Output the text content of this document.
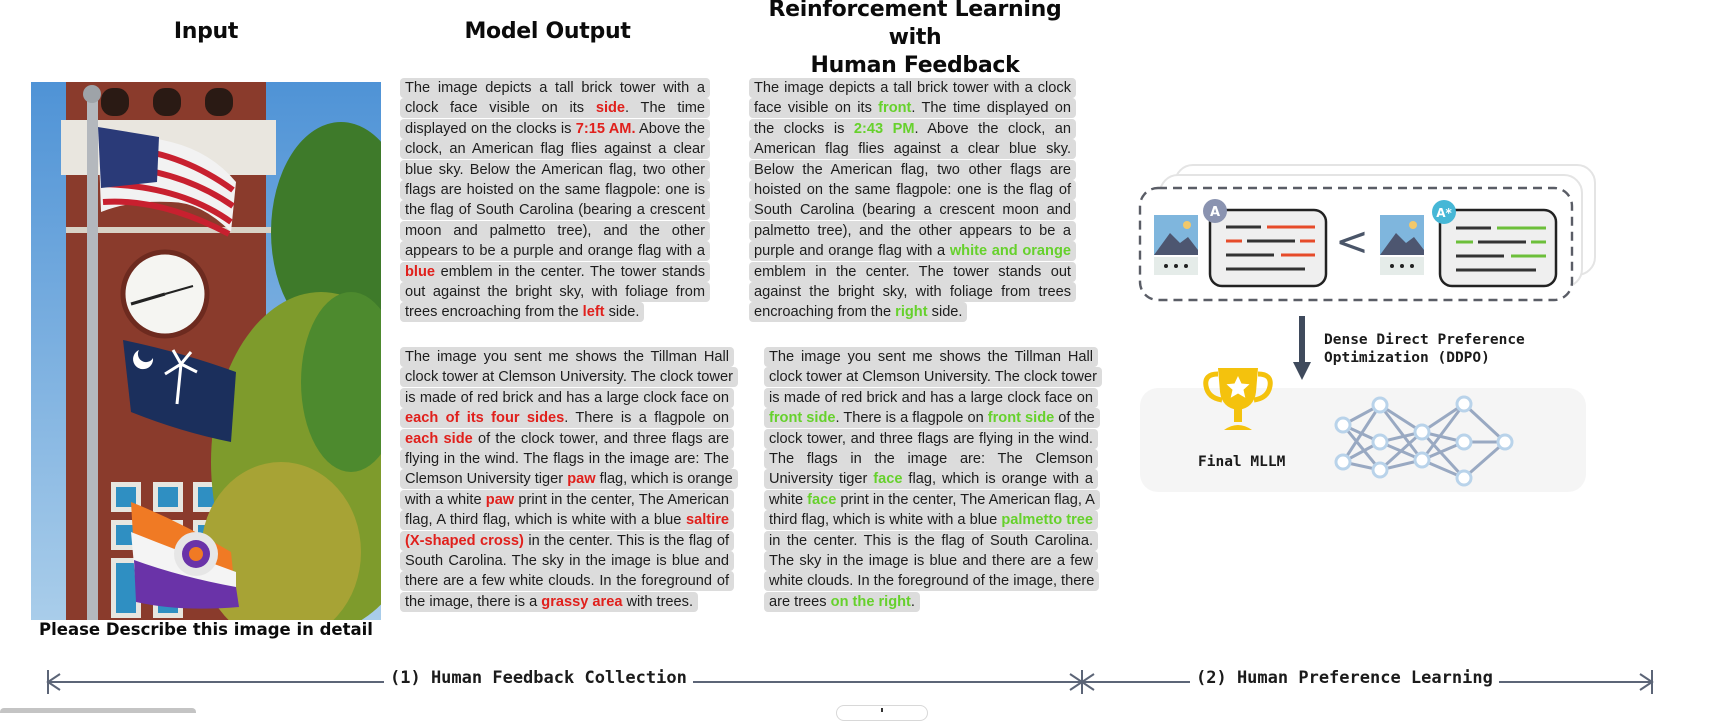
Input	Model Output
Reinforcement Learning with
Human Feedback
Please Describe this image in detail

The image depicts a tall brick tower with a clock face visible on its side. The time displayed on the clocks is 7:15 AM. Above the clock, an American flag flies against a clear blue sky. Below the American flag, two other flags are hoisted on the same flagpole: one is the flag of South Carolina (bearing a crescent moon and palmetto tree), and the other appears to be a purple and orange flag with a blue emblem in the center. The tower stands out against the bright sky, with foliage from trees encroaching from the left side.

The image you sent me shows the Tillman Hall clock tower at Clemson University. The clock tower is made of red brick and has a large clock face on each of its four sides. There is a flagpole on each side of the clock tower, and three flags are flying in the wind. The flags in the image are: The Clemson University tiger paw flag, which is orange with a white paw print in the center, The American flag, A third flag, which is white with a blue saltire (X-shaped cross) in the center. This is the flag of South Carolina. The sky in the image is blue and there are a few white clouds. In the foreground of the image, there is a grassy area with trees.

The image depicts a tall brick tower with a clock face visible on its front. The time displayed on the clocks is 2:43 PM. Above the clock, an American flag flies against a clear blue sky. Below the American flag, two other flags are hoisted on the same flagpole: one is the flag of South Carolina (bearing a crescent moon and palmetto tree), and the other appears to be a purple and orange flag with a white and orange emblem in the center. The tower stands out against the bright sky, with foliage from trees encroaching from the right side.

The image you sent me shows the Tillman Hall clock tower at Clemson University. The clock tower is made of red brick and has a large clock face on front side. There is a flagpole on front side of the clock tower, and three flags are flying in the wind. The flags in the image are: The Clemson University tiger face flag, which is orange with a white face print in the center, The American flag, A third flag, which is white with a blue palmetto tree in the center. This is the flag of South Carolina. The sky in the image is blue and there are a few white clouds. In the foreground of the image, there are trees on the right.

A
<
A*
Dense Direct Preference
Optimization (DDPO)
Final MLLM
(1) Human Feedback Collection	(2) Human Preference Learning
